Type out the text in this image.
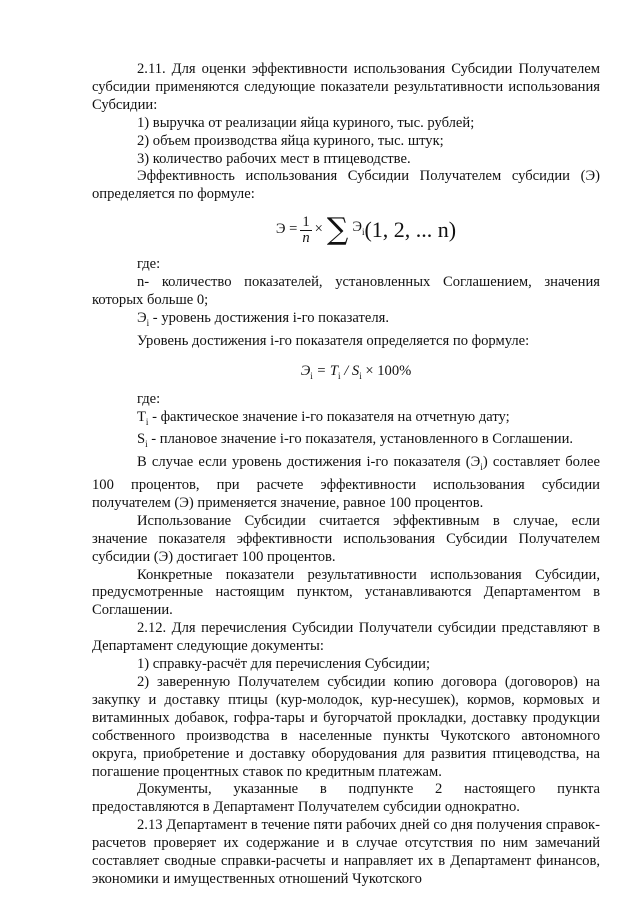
2.11. Для оценки эффективности использования Субсидии Получателем субсидии применяются следующие показатели результативности использования Субсидии:

1) выручка от реализации яйца куриного, тыс. рублей;

2) объем производства яйца куриного, тыс. штук;

3) количество рабочих мест в птицеводстве.

Эффективность использования Субсидии Получателем субсидии (Э) определяется по формуле:

$Э = \frac{1}{n}$ × ∑ $Э_i$ (1, 2, ... n)

где:

n- количество показателей, установленных Соглашением, значения которых больше 0;

$Э_i$ - уровень достижения i-го показателя.

Уровень достижения i-го показателя определяется по формуле:

$Э_i = T_i / S_i \times 100\%$

где:

$T_i$ - фактическое значение i-го показателя на отчетную дату;

$S_i$ - плановое значение i-го показателя, установленного в Соглашении.

В случае если уровень достижения i-го показателя $(Э_i)$ составляет более 100 процентов, при расчете эффективности использования субсидии получателем (Э) применяется значение, равное 100 процентов.

Использование Субсидии считается эффективным в случае, если значение показателя эффективности использования Субсидии Получателем субсидии (Э) достигает 100 процентов.

Конкретные показатели результативности использования Субсидии, предусмотренные настоящим пунктом, устанавливаются Департаментом в Соглашении.

2.12. Для перечисления Субсидии Получатели субсидии представляют в Департамент следующие документы:

1) справку-расчёт для перечисления Субсидии;

2) заверенную Получателем субсидии копию договора (договоров) на закупку и доставку птицы (кур-молодок, кур-несушек), кормов, кормовых и витаминных добавок, гофра-тары и бугорчатой прокладки, доставку продукции собственного производства в населенные пункты Чукотского автономного округа, приобретение и доставку оборудования для развития птицеводства, на погашение процентных ставок по кредитным платежам.

Документы, указанные в подпункте 2 настоящего пункта предоставляются в Департамент Получателем субсидии однократно.

2.13 Департамент в течение пяти рабочих дней со дня получения справок-расчетов проверяет их содержание и в случае отсутствия по ним замечаний составляет сводные справки-расчеты и направляет их в Департамент финансов, экономики и имущественных отношений Чукотского
